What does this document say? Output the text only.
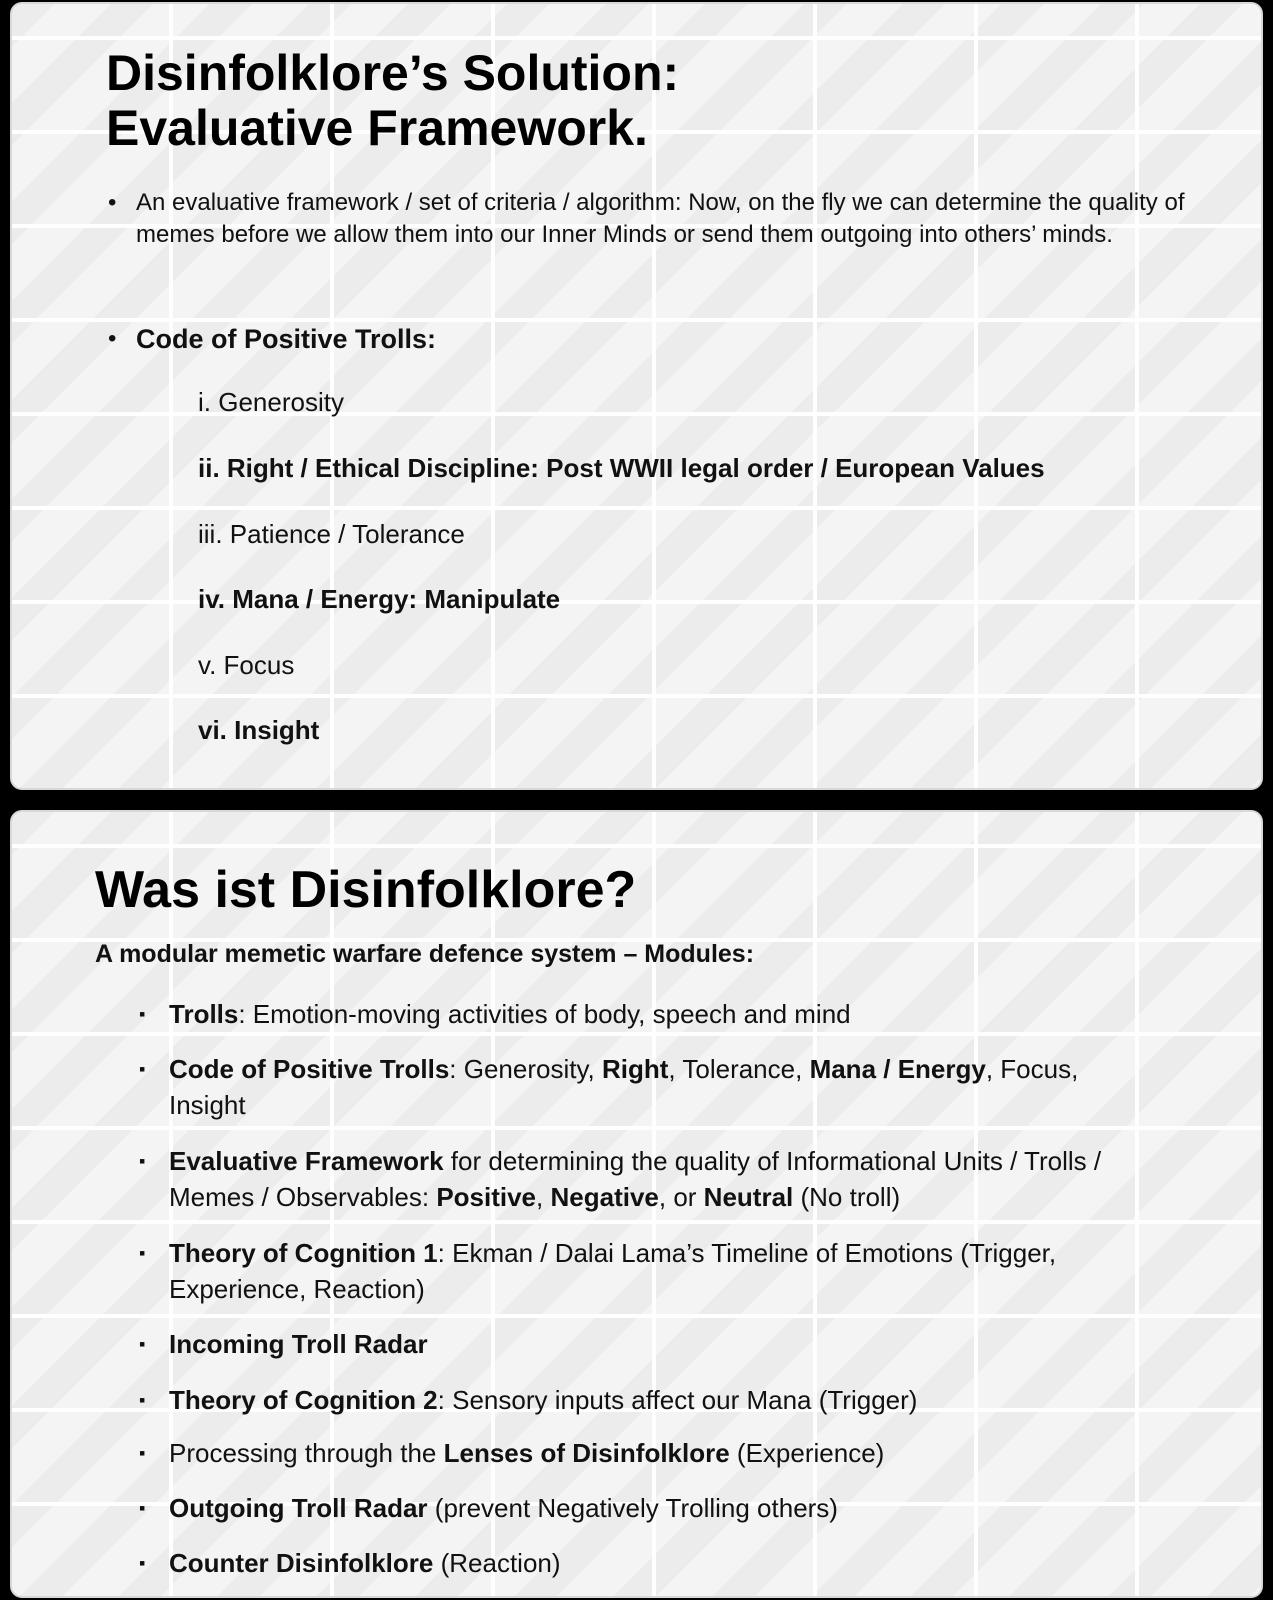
Disinfolklore’s Solution:
Evaluative Framework.
• An evaluative framework / set of criteria / algorithm: Now, on the fly we can determine the quality of memes before we allow them into our Inner Minds or send them outgoing into others’ minds.
• Code of Positive Trolls:
i. Generosity
ii. Right / Ethical Discipline: Post WWII legal order / European Values
iii. Patience / Tolerance
iv. Mana / Energy: Manipulate
v. Focus
vi. Insight
Was ist Disinfolklore?

A modular memetic warfare defence system – Modules:

▪ Trolls: Emotion-moving activities of body, speech and mind
▪ Code of Positive Trolls: Generosity, Right, Tolerance, Mana / Energy, Focus, Insight
▪ Evaluative Framework for determining the quality of Informational Units / Trolls / Memes / Observables: Positive, Negative, or Neutral (No troll)
▪ Theory of Cognition 1: Ekman / Dalai Lama’s Timeline of Emotions (Trigger, Experience, Reaction)
▪ Incoming Troll Radar
▪ Theory of Cognition 2: Sensory inputs affect our Mana (Trigger)
▪ Processing through the Lenses of Disinfolklore (Experience)
▪ Outgoing Troll Radar (prevent Negatively Trolling others)
▪ Counter Disinfolklore (Reaction)
